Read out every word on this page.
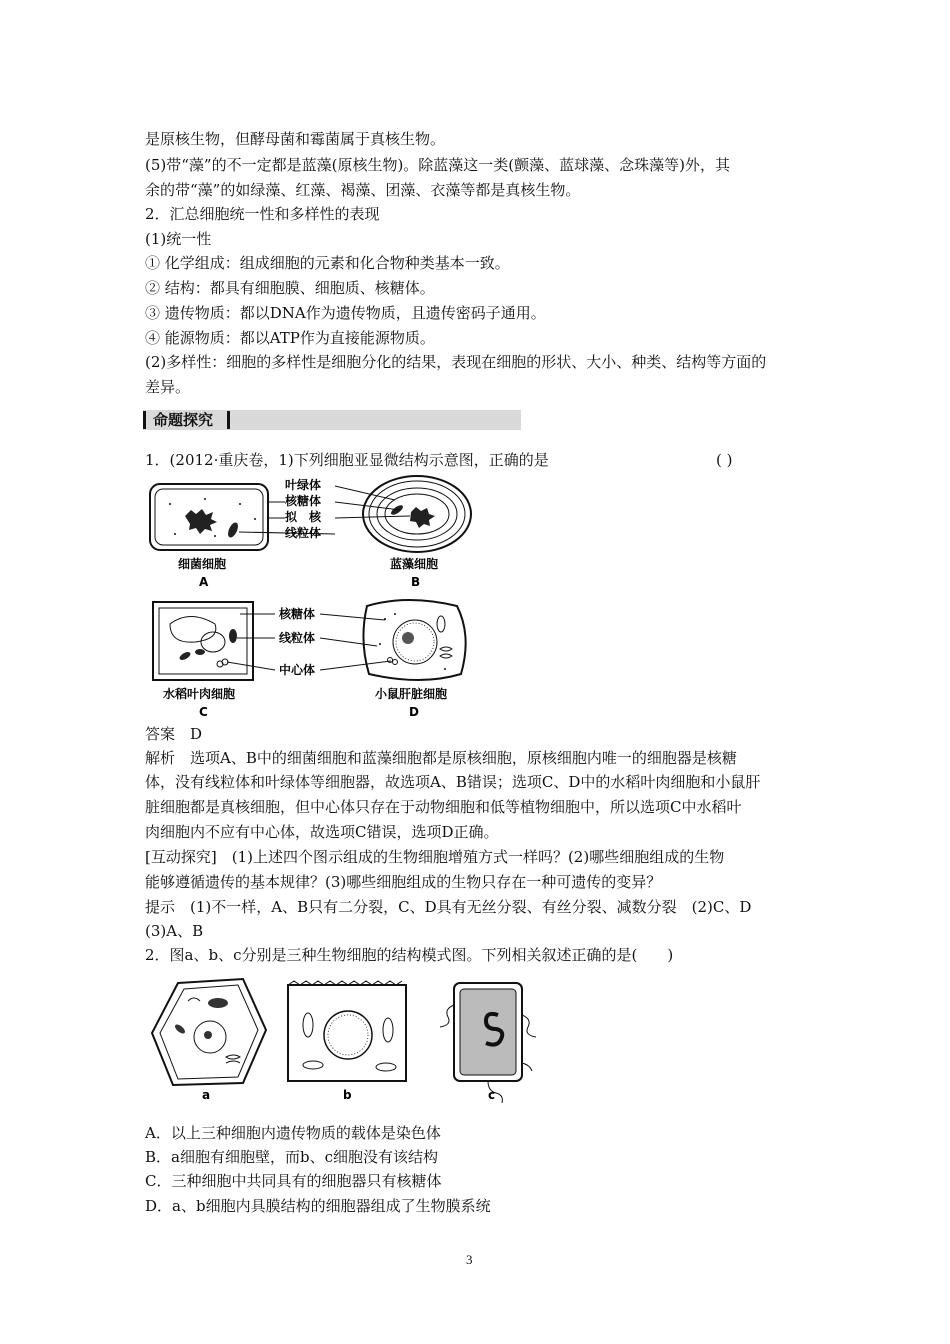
是原核生物，但酵母菌和霉菌属于真核生物。
(5)带“藻”的不一定都是蓝藻(原核生物)。除蓝藻这一类(颤藻、蓝球藻、念珠藻等)外，其
余的带“藻”的如绿藻、红藻、褐藻、团藻、衣藻等都是真核生物。
2．汇总细胞统一性和多样性的表现
(1)统一性
① 化学组成：组成细胞的元素和化合物种类基本一致。
② 结构：都具有细胞膜、细胞质、核糖体。
③ 遗传物质：都以DNA作为遗传物质，且遗传密码子通用。
④ 能源物质：都以ATP作为直接能源物质。
(2)多样性：细胞的多样性是细胞分化的结果，表现在细胞的形状、大小、种类、结构等方面的
差异。
命题探究
1．(2012·重庆卷，1)下列细胞亚显微结构示意图，正确的是	( )
叶绿体
核糖体
拟　核
线粒体
细菌细胞
A
蓝藻细胞
B
核糖体
线粒体
中心体
水稻叶肉细胞
C
小鼠肝脏细胞
D
答案　D
解析　选项A、B中的细菌细胞和蓝藻细胞都是原核细胞，原核细胞内唯一的细胞器是核糖
体，没有线粒体和叶绿体等细胞器，故选项A、B错误；选项C、D中的水稻叶肉细胞和小鼠肝
脏细胞都是真核细胞，但中心体只存在于动物细胞和低等植物细胞中，所以选项C中水稻叶
肉细胞内不应有中心体，故选项C错误，选项D正确。
[互动探究]　(1)上述四个图示组成的生物细胞增殖方式一样吗？(2)哪些细胞组成的生物
能够遵循遗传的基本规律？(3)哪些细胞组成的生物只存在一种可遗传的变异？
提示　(1)不一样，A、B只有二分裂，C、D具有无丝分裂、有丝分裂、减数分裂　(2)C、D
(3)A、B
2．图a、b、c分别是三种生物细胞的结构模式图。下列相关叙述正确的是(　　)
a	b	c
A．以上三种细胞内遗传物质的载体是染色体
B．a细胞有细胞壁，而b、c细胞没有该结构
C．三种细胞中共同具有的细胞器只有核糖体
D．a、b细胞内具膜结构的细胞器组成了生物膜系统
3
